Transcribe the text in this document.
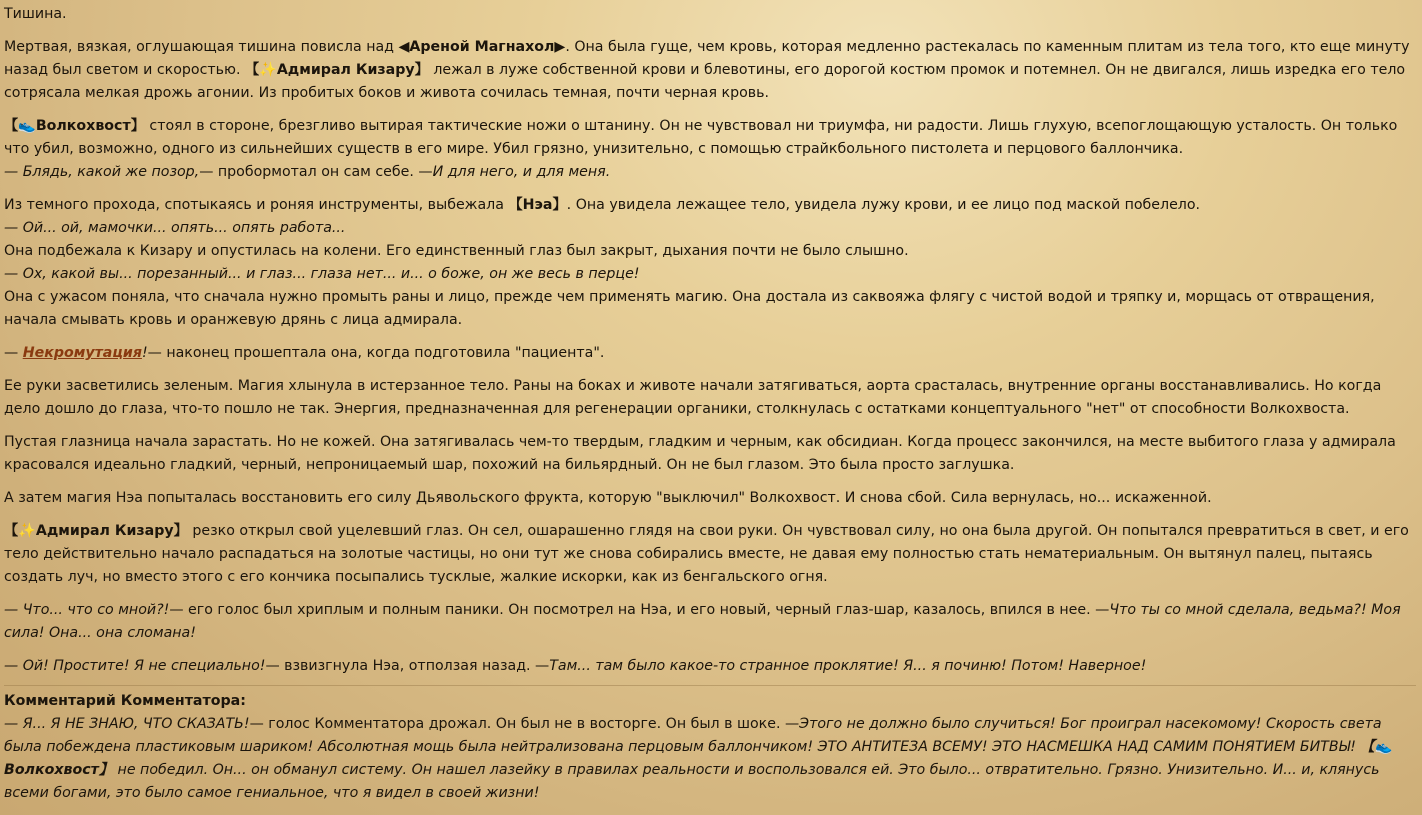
Тишина.

Мертвая, вязкая, оглушающая тишина повисла над ◀Ареной Магнахол▶. Она была гуще, чем кровь, которая медленно растекалась по каменным плитам из тела того, кто еще минуту назад был светом и скоростью. 【✨Адмирал Кизару】 лежал в луже собственной крови и блевотины, его дорогой костюм промок и потемнел. Он не двигался, лишь изредка его тело сотрясала мелкая дрожь агонии. Из пробитых боков и живота сочилась темная, почти черная кровь.

【👟Волкохвост】 стоял в стороне, брезгливо вытирая тактические ножи о штанину. Он не чувствовал ни триумфа, ни радости. Лишь глухую, всепоглощающую усталость. Он только что убил, возможно, одного из сильнейших существ в его мире. Убил грязно, унизительно, с помощью страйкбольного пистолета и перцового баллончика.

— Блядь, какой же позор,— пробормотал он сам себе. —И для него, и для меня.

Из темного прохода, спотыкаясь и роняя инструменты, выбежала 【Нэа】. Она увидела лежащее тело, увидела лужу крови, и ее лицо под маской побелело.

— Ой... ой, мамочки... опять... опять работа...

Она подбежала к Кизару и опустилась на колени. Его единственный глаз был закрыт, дыхания почти не было слышно.

— Ох, какой вы... порезанный... и глаз... глаза нет... и... о боже, он же весь в перце!

Она с ужасом поняла, что сначала нужно промыть раны и лицо, прежде чем применять магию. Она достала из саквояжа флягу с чистой водой и тряпку и, морщась от отвращения, начала смывать кровь и оранжевую дрянь с лица адмирала.

— Некромутация!— наконец прошептала она, когда подготовила "пациента".

Ее руки засветились зеленым. Магия хлынула в истерзанное тело. Раны на боках и животе начали затягиваться, аорта срасталась, внутренние органы восстанавливались. Но когда дело дошло до глаза, что-то пошло не так. Энергия, предназначенная для регенерации органики, столкнулась с остатками концептуального "нет" от способности Волкохвоста.

Пустая глазница начала зарастать. Но не кожей. Она затягивалась чем-то твердым, гладким и черным, как обсидиан. Когда процесс закончился, на месте выбитого глаза у адмирала красовался идеально гладкий, черный, непроницаемый шар, похожий на бильярдный. Он не был глазом. Это была просто заглушка.

А затем магия Нэа попыталась восстановить его силу Дьявольского фрукта, которую "выключил" Волкохвост. И снова сбой. Сила вернулась, но... искаженной.

【✨Адмирал Кизару】 резко открыл свой уцелевший глаз. Он сел, ошарашенно глядя на свои руки. Он чувствовал силу, но она была другой. Он попытался превратиться в свет, и его тело действительно начало распадаться на золотые частицы, но они тут же снова собирались вместе, не давая ему полностью стать нематериальным. Он вытянул палец, пытаясь создать луч, но вместо этого с его кончика посыпались тусклые, жалкие искорки, как из бенгальского огня.

— Что... что со мной?!— его голос был хриплым и полным паники. Он посмотрел на Нэа, и его новый, черный глаз-шар, казалось, впился в нее. —Что ты со мной сделала, ведьма?! Моя сила! Она... она сломана!

— Ой! Простите! Я не специально!— взвизгнула Нэа, отползая назад. —Там... там было какое-то странное проклятие! Я... я починю! Потом! Наверное!

Комментарий Комментатора:

— Я... Я НЕ ЗНАЮ, ЧТО СКАЗАТЬ!— голос Комментатора дрожал. Он был не в восторге. Он был в шоке. —Этого не должно было случиться! Бог проиграл насекомому! Скорость света была побеждена пластиковым шариком! Абсолютная мощь была нейтрализована перцовым баллончиком! ЭТО АНТИТЕЗА ВСЕМУ! ЭТО НАСМЕШКА НАД САМИМ ПОНЯТИЕМ БИТВЫ! 【👟Волкохвост】 не победил. Он... он обманул систему. Он нашел лазейку в правилах реальности и воспользовался ей. Это было... отвратительно. Грязно. Унизительно. И... и, клянусь всеми богами, это было самое гениальное, что я видел в своей жизни!
